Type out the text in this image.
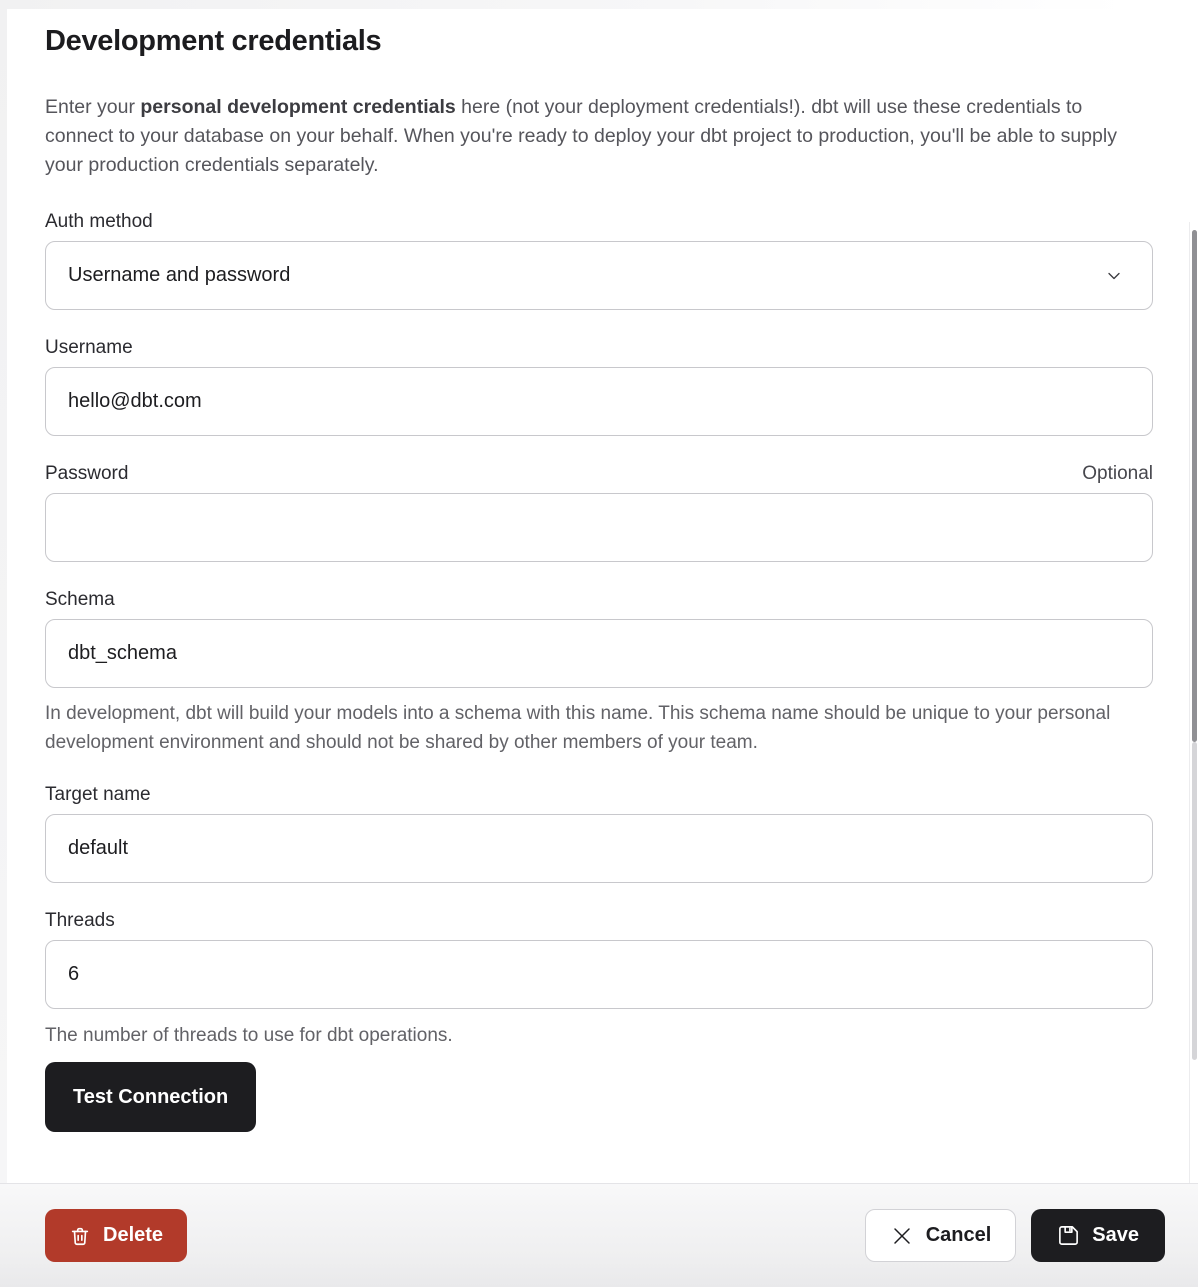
Development credentials

Enter your personal development credentials here (not your deployment credentials!). dbt will use these credentials to connect to your database on your behalf. When you're ready to deploy your dbt project to production, you'll be able to supply your production credentials separately.

Auth method
Username and password
Username
hello@dbt.com
Password	Optional
Schema
dbt_schema
In development, dbt will build your models into a schema with this name. This schema name should be unique to your personal development environment and should not be shared by other members of your team.
Target name
default
Threads
6
The number of threads to use for dbt operations.
Test Connection
Delete	Cancel	Save
